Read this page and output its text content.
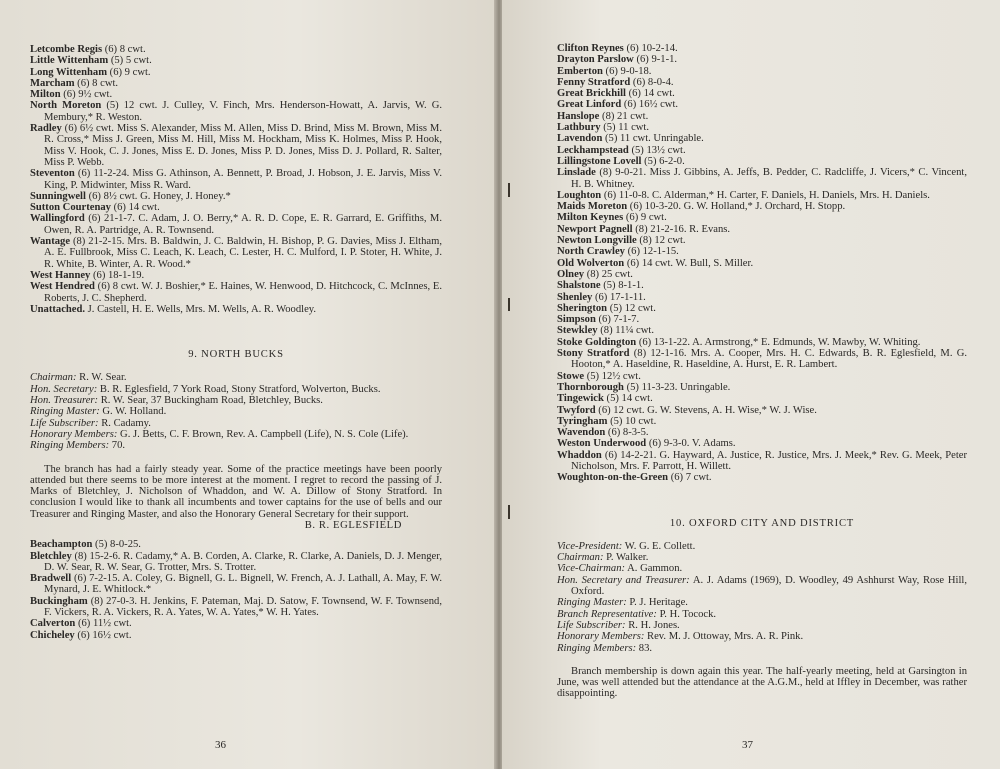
Letcombe Regis (6) 8 cwt.

Little Wittenham (5) 5 cwt.

Long Wittenham (6) 9 cwt.

Marcham (6) 8 cwt.

Milton (6) 9½ cwt.

North Moreton (5) 12 cwt. J. Culley, V. Finch, Mrs. Henderson-Howatt, A. Jarvis, W. G. Membury,* R. Weston.

Radley (6) 6½ cwt. Miss S. Alexander, Miss M. Allen, Miss D. Brind, Miss M. Brown, Miss M. R. Cross,* Miss J. Green, Miss M. Hill, Miss M. Hockham, Miss K. Holmes, Miss P. Hook, Miss V. Hook, C. J. Jones, Miss E. D. Jones, Miss P. D. Jones, Miss D. J. Pollard, R. Salter, Miss P. Webb.

Steventon (6) 11-2-24. Miss G. Athinson, A. Bennett, P. Broad, J. Hobson, J. E. Jarvis, Miss V. King, P. Midwinter, Miss R. Ward.

Sunningwell (6) 8½ cwt. G. Honey, J. Honey.*

Sutton Courtenay (6) 14 cwt.

Wallingford (6) 21-1-7. C. Adam, J. O. Berry,* A. R. D. Cope, E. R. Garrard, E. Griffiths, M. Owen, R. A. Partridge, A. R. Townsend.

Wantage (8) 21-2-15. Mrs. B. Baldwin, J. C. Baldwin, H. Bishop, P. G. Davies, Miss J. Eltham, A. E. Fullbrook, Miss C. Leach, K. Leach, C. Lester, H. C. Mulford, I. P. Stoter, H. White, J. R. White, B. Winter, A. R. Wood.*

West Hanney (6) 18-1-19.

West Hendred (6) 8 cwt. W. J. Boshier,* E. Haines, W. Henwood, D. Hitchcock, C. McInnes, E. Roberts, J. C. Shepherd.

Unattached. J. Castell, H. E. Wells, Mrs. M. Wells, A. R. Woodley.

9. NORTH BUCKS

Chairman: R. W. Sear.

Hon. Secretary: B. R. Eglesfield, 7 York Road, Stony Stratford, Wolverton, Bucks.

Hon. Treasurer: R. W. Sear, 37 Buckingham Road, Bletchley, Bucks.

Ringing Master: G. W. Holland.

Life Subscriber: R. Cadamy.

Honorary Members: G. J. Betts, C. F. Brown, Rev. A. Campbell (Life), N. S. Cole (Life).

Ringing Members: 70.

The branch has had a fairly steady year. Some of the practice meetings have been poorly attended but there seems to be more interest at the moment. I regret to record the passing of J. Marks of Bletchley, J. Nicholson of Whaddon, and W. A. Dillow of Stony Stratford. In conclusion I would like to thank all incumbents and tower captains for the use of bells and our Treasurer and Ringing Master, and also the Honorary General Secretary for their support.

B. R. EGLESFIELD

Beachampton (5) 8-0-25.

Bletchley (8) 15-2-6. R. Cadamy,* A. B. Corden, A. Clarke, R. Clarke, A. Daniels, D. J. Menger, D. W. Sear, R. W. Sear, G. Trotter, Mrs. S. Trotter.

Bradwell (6) 7-2-15. A. Coley, G. Bignell, G. L. Bignell, W. French, A. J. Lathall, A. May, F. W. Mynard, J. E. Whitlock.*

Buckingham (8) 27-0-3. H. Jenkins, F. Pateman, Maj. D. Satow, F. Townsend, W. F. Townsend, F. Vickers, R. A. Vickers, R. A. Yates, W. A. Yates,* W. H. Yates.

Calverton (6) 11½ cwt.

Chicheley (6) 16½ cwt.

36

Clifton Reynes (6) 10-2-14.

Drayton Parslow (6) 9-1-1.

Emberton (6) 9-0-18.

Fenny Stratford (6) 8-0-4.

Great Brickhill (6) 14 cwt.

Great Linford (6) 16½ cwt.

Hanslope (8) 21 cwt.

Lathbury (5) 11 cwt.

Lavendon (5) 11 cwt. Unringable.

Leckhampstead (5) 13½ cwt.

Lillingstone Lovell (5) 6-2-0.

Linslade (8) 9-0-21. Miss J. Gibbins, A. Jeffs, B. Pedder, C. Radcliffe, J. Vicers,* C. Vincent, H. B. Whitney.

Loughton (6) 11-0-8. C. Alderman,* H. Carter, F. Daniels, H. Daniels, Mrs. H. Daniels.

Maids Moreton (6) 10-3-20. G. W. Holland,* J. Orchard, H. Stopp.

Milton Keynes (6) 9 cwt.

Newport Pagnell (8) 21-2-16. R. Evans.

Newton Longville (8) 12 cwt.

North Crawley (6) 12-1-15.

Old Wolverton (6) 14 cwt. W. Bull, S. Miller.

Olney (8) 25 cwt.

Shalstone (5) 8-1-1.

Shenley (6) 17-1-11.

Sherington (5) 12 cwt.

Simpson (6) 7-1-7.

Stewkley (8) 11¼ cwt.

Stoke Goldington (6) 13-1-22. A. Armstrong,* E. Edmunds, W. Mawby, W. Whiting.

Stony Stratford (8) 12-1-16. Mrs. A. Cooper, Mrs. H. C. Edwards, B. R. Eglesfield, M. G. Hooton,* A. Haseldine, R. Haseldine, A. Hurst, E. R. Lambert.

Stowe (5) 12½ cwt.

Thornborough (5) 11-3-23. Unringable.

Tingewick (5) 14 cwt.

Twyford (6) 12 cwt. G. W. Stevens, A. H. Wise,* W. J. Wise.

Tyringham (5) 10 cwt.

Wavendon (6) 8-3-5.

Weston Underwood (6) 9-3-0. V. Adams.

Whaddon (6) 14-2-21. G. Hayward, A. Justice, R. Justice, Mrs. J. Meek,* Rev. G. Meek, Peter Nicholson, Mrs. F. Parrott, H. Willett.

Woughton-on-the-Green (6) 7 cwt.

10. OXFORD CITY AND DISTRICT

Vice-President: W. G. E. Collett.

Chairman: P. Walker.

Vice-Chairman: A. Gammon.

Hon. Secretary and Treasurer: A. J. Adams (1969), D. Woodley, 49 Ashhurst Way, Rose Hill, Oxford.

Ringing Master: P. J. Heritage.

Branch Representative: P. H. Tocock.

Life Subscriber: R. H. Jones.

Honorary Members: Rev. M. J. Ottoway, Mrs. A. R. Pink.

Ringing Members: 83.

Branch membership is down again this year. The half-yearly meeting, held at Garsington in June, was well attended but the attendance at the A.G.M., held at Iffley in December, was rather disappointing.

37
